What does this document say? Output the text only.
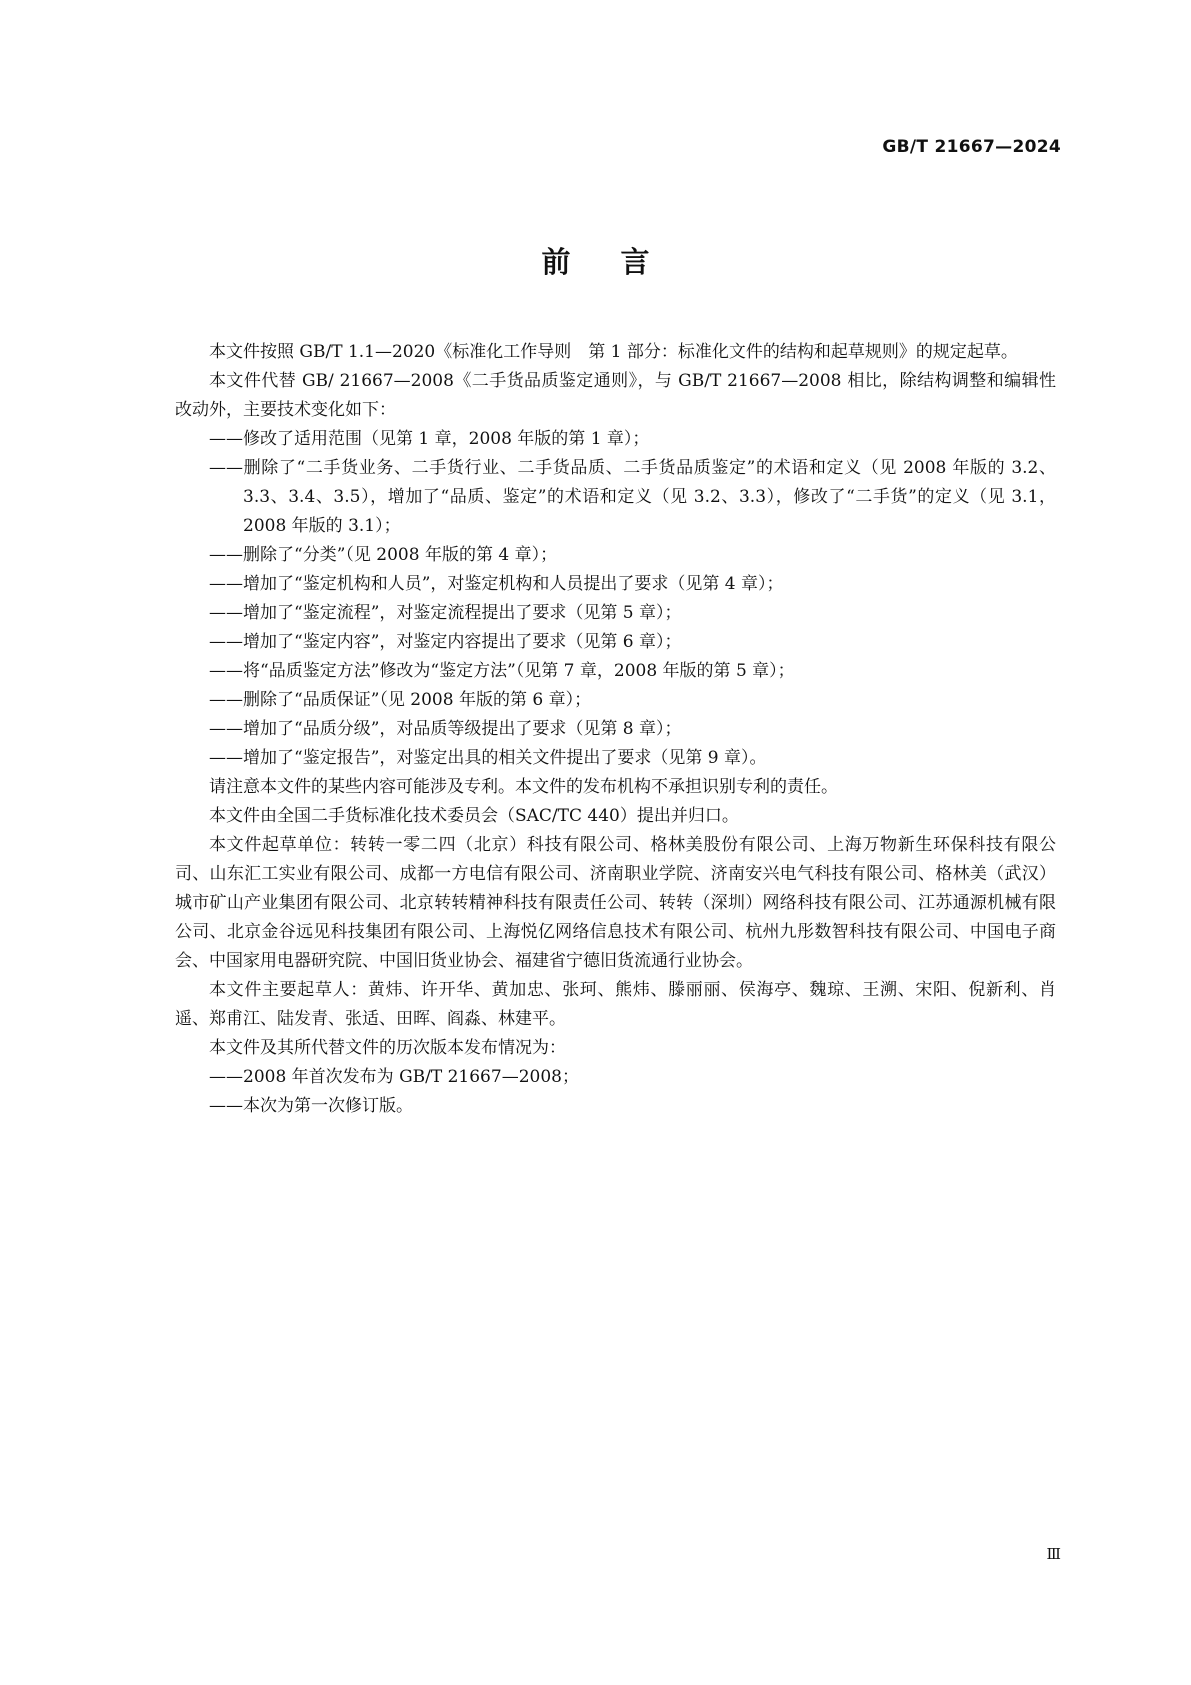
GB/T 21667—2024
前言

本文件按照 GB/T 1.1—2020《标准化工作导则　第 1 部分：标准化文件的结构和起草规则》的规定起草。

本文件代替 GB/ 21667—2008《二手货品质鉴定通则》，与 GB/T 21667—2008 相比，除结构调整和编辑性改动外，主要技术变化如下：

——修改了适用范围（见第 1 章，2008 年版的第 1 章）；

——删除了“二手货业务、二手货行业、二手货品质、二手货品质鉴定”的术语和定义（见 2008 年版的 3.2、3.3、3.4、3.5），增加了“品质、鉴定”的术语和定义（见 3.2、3.3），修改了“二手货”的定义（见 3.1，2008 年版的 3.1）；

——删除了“分类”（见 2008 年版的第 4 章）；

——增加了“鉴定机构和人员”，对鉴定机构和人员提出了要求（见第 4 章）；

——增加了“鉴定流程”，对鉴定流程提出了要求（见第 5 章）；

——增加了“鉴定内容”，对鉴定内容提出了要求（见第 6 章）；

——将“品质鉴定方法”修改为“鉴定方法”（见第 7 章，2008 年版的第 5 章）；

——删除了“品质保证”（见 2008 年版的第 6 章）；

——增加了“品质分级”，对品质等级提出了要求（见第 8 章）；

——增加了“鉴定报告”，对鉴定出具的相关文件提出了要求（见第 9 章）。

请注意本文件的某些内容可能涉及专利。本文件的发布机构不承担识别专利的责任。

本文件由全国二手货标准化技术委员会（SAC/TC 440）提出并归口。

本文件起草单位：转转一零二四（北京）科技有限公司、格林美股份有限公司、上海万物新生环保科技有限公司、山东汇工实业有限公司、成都一方电信有限公司、济南职业学院、济南安兴电气科技有限公司、格林美（武汉）城市矿山产业集团有限公司、北京转转精神科技有限责任公司、转转（深圳）网络科技有限公司、江苏通源机械有限公司、北京金谷远见科技集团有限公司、上海悦亿网络信息技术有限公司、杭州九彤数智科技有限公司、中国电子商会、中国家用电器研究院、中国旧货业协会、福建省宁德旧货流通行业协会。

本文件主要起草人：黄炜、许开华、黄加忠、张珂、熊炜、滕丽丽、侯海亭、魏琼、王溯、宋阳、倪新利、肖遥、郑甫江、陆发青、张适、田晖、阎淼、林建平。

本文件及其所代替文件的历次版本发布情况为：

——2008 年首次发布为 GB/T 21667—2008；

——本次为第一次修订版。

Ⅲ
